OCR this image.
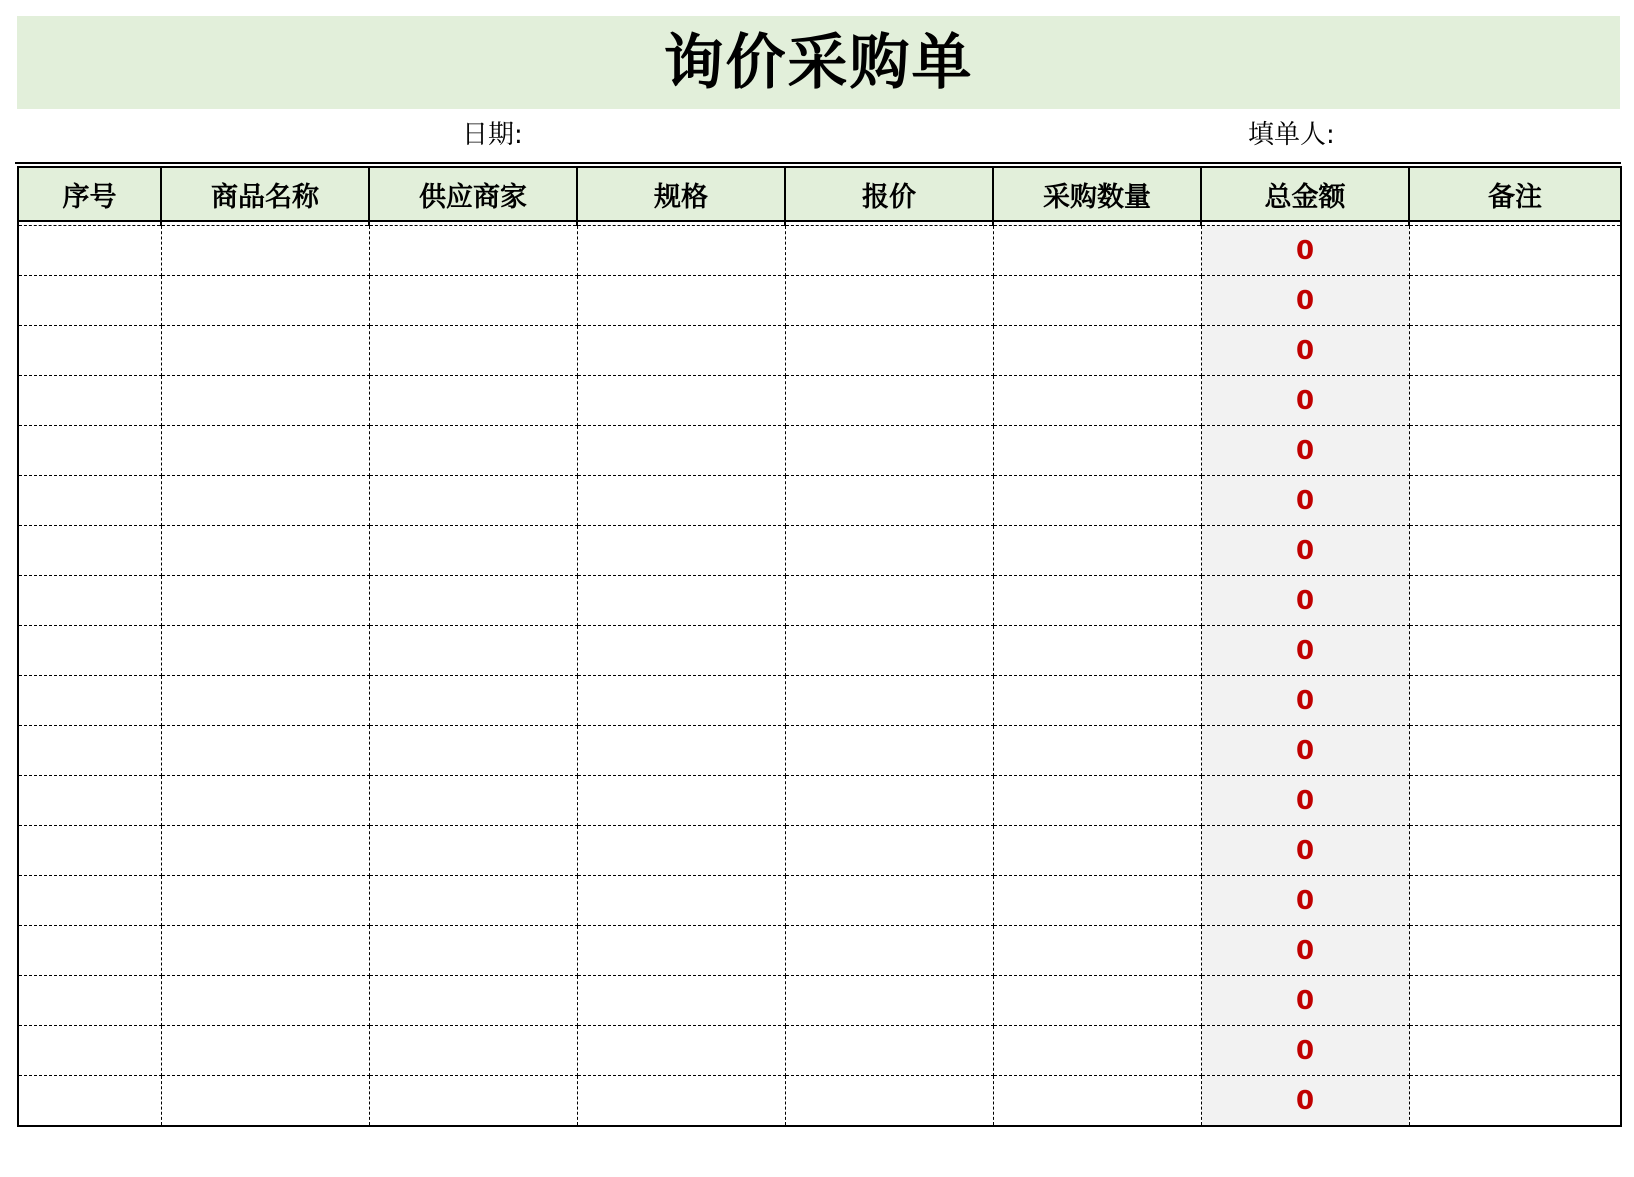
询价采购单
日期:	填单人:
序号	商品名称	供应商家	规格	报价	采购数量	总金额	备注

						0	
						0	
						0	
						0	
						0	
						0	
						0	
						0	
						0	
						0	
						0	
						0	
						0	
						0	
						0	
						0	
						0	
						0	
